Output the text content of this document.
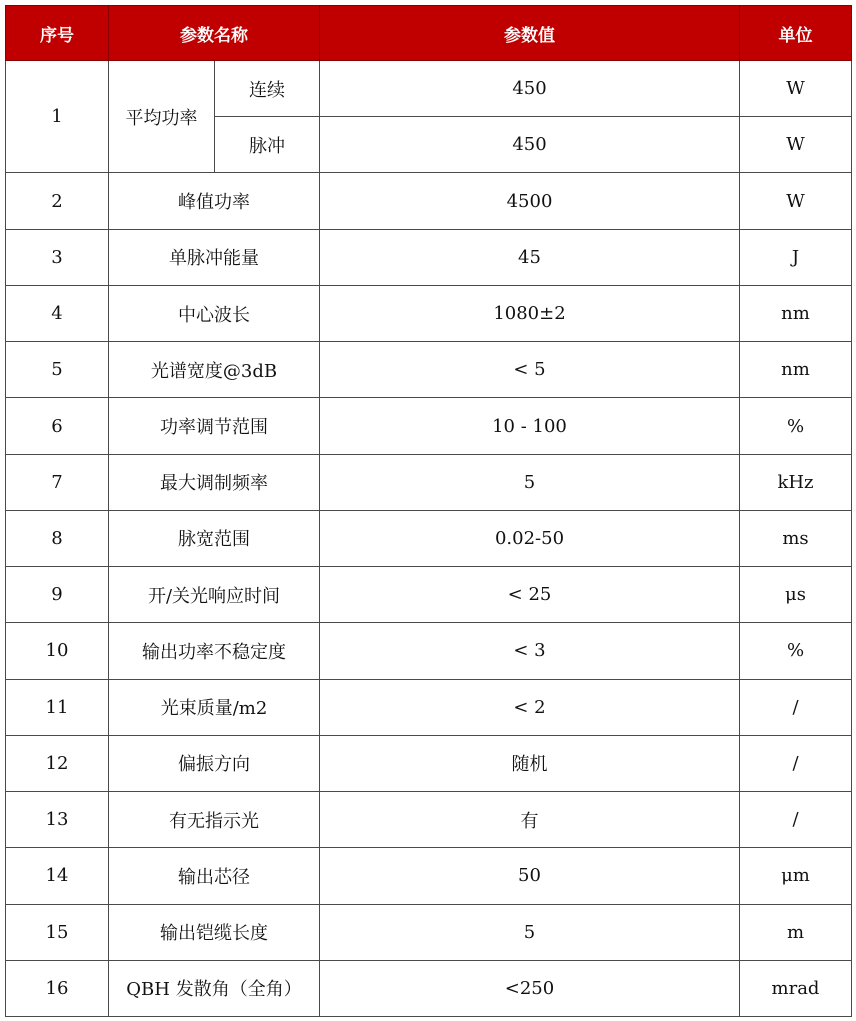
序号	参数名称		参数值	单位
1	平均功率	连续	450	W
		脉冲	450	W
2	峰值功率		4500	W
3	单脉冲能量		45	J
4	中心波长		1080±2	nm
5	光谱宽度@3dB		< 5	nm
6	功率调节范围		10 - 100	%
7	最大调制频率		5	kHz
8	脉宽范围		0.02-50	ms
9	开/关光响应时间		< 25	μs
10	输出功率不稳定度		< 3	%
11	光束质量/m2		< 2	/
12	偏振方向		随机	/
13	有无指示光		有	/
14	输出芯径		50	μm
15	输出铠缆长度		5	m
16	QBH 发散角（全角）		<250	mrad
